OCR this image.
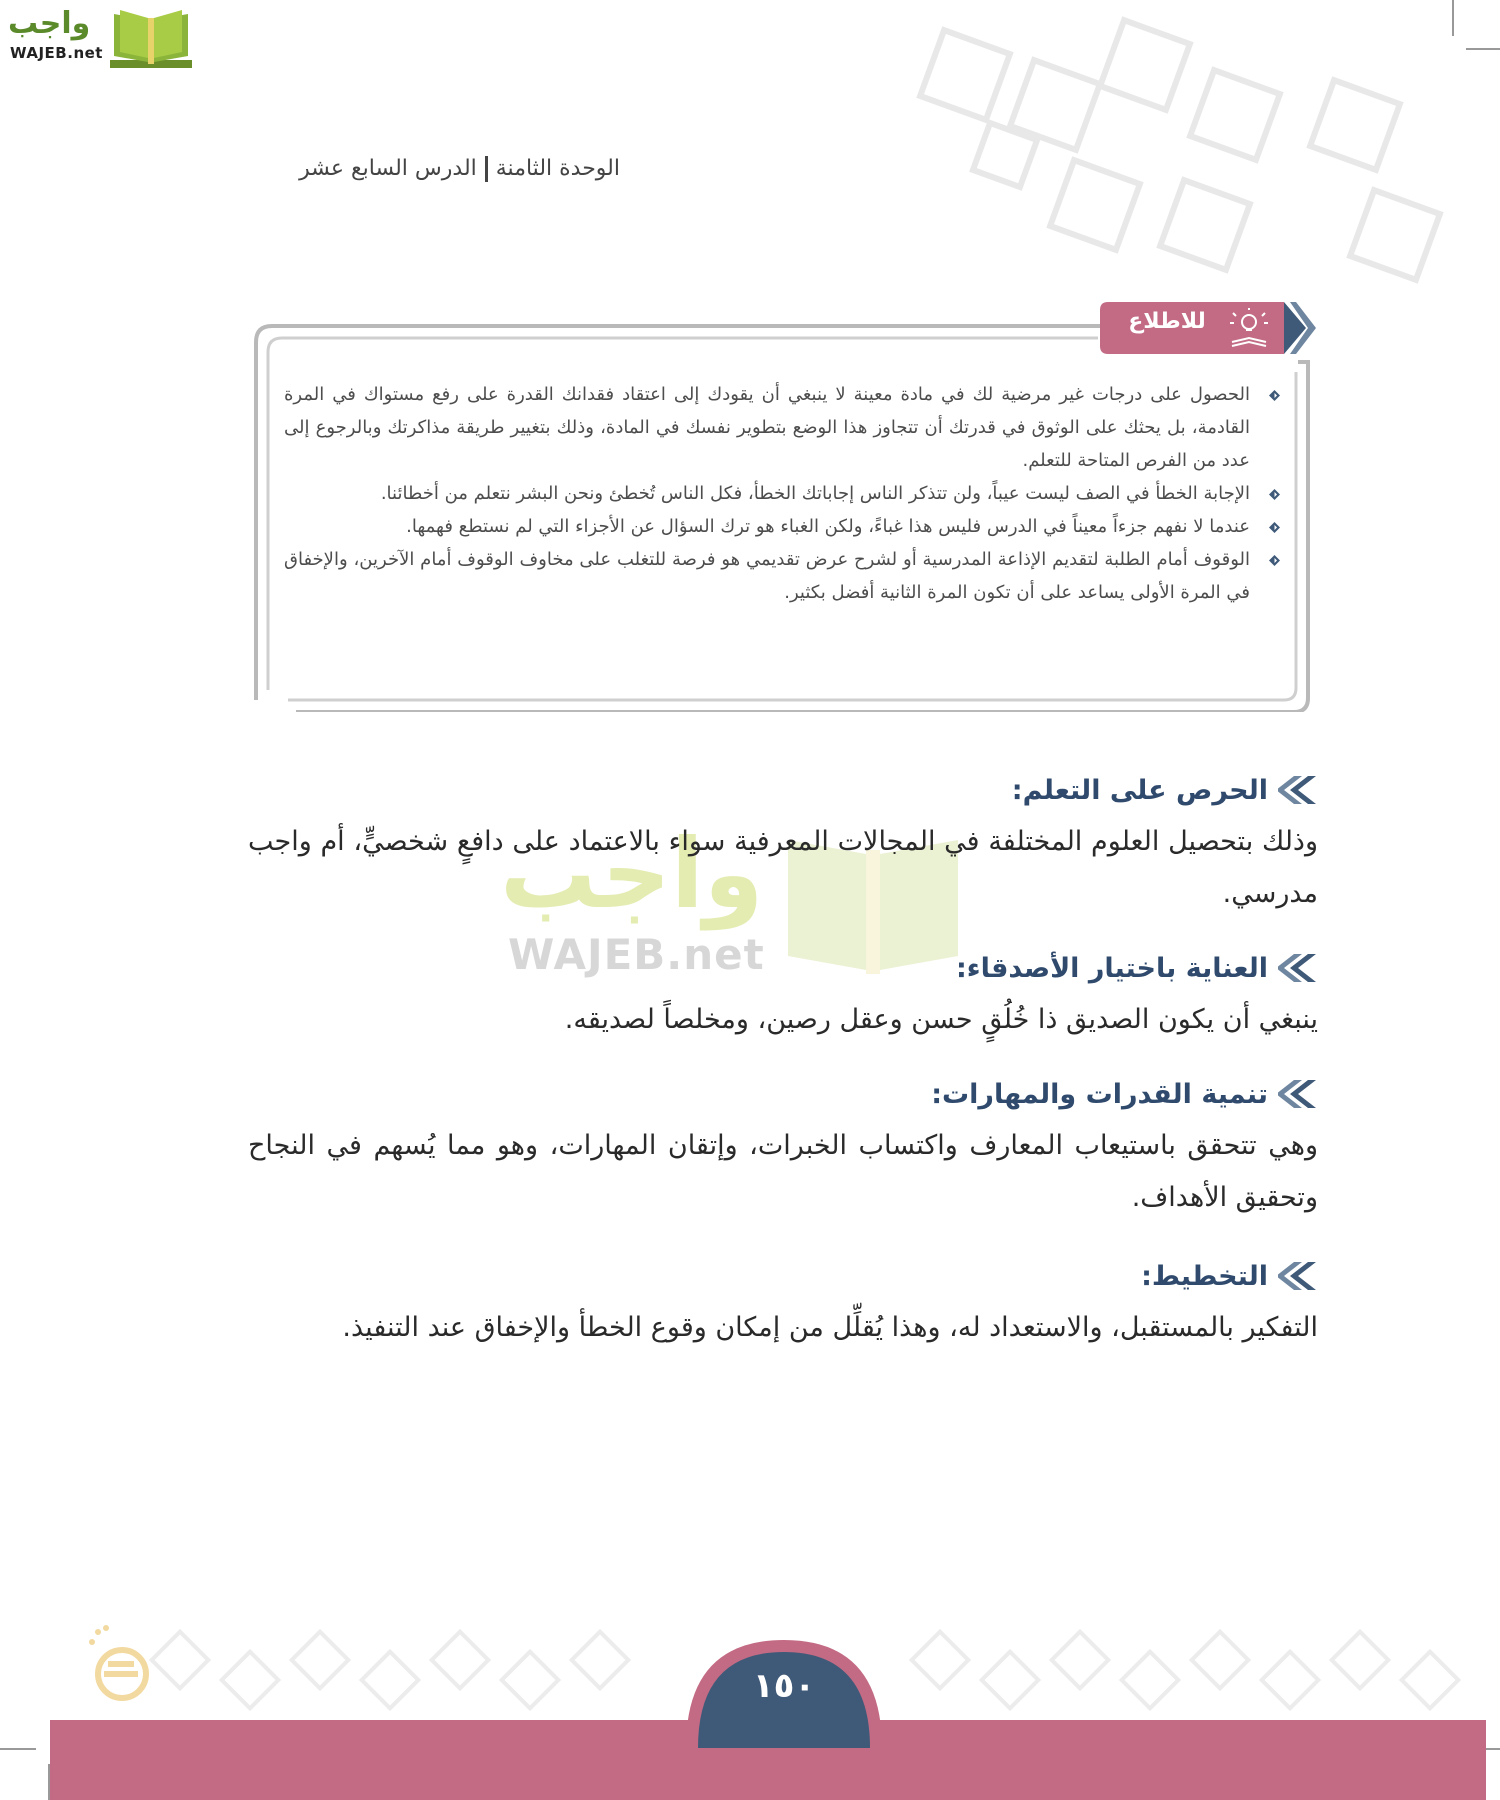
واجب
WAJEB.net
الوحدة الثامنةالدرس السابع عشر
للاطلاع
الحصول على درجات غير مرضية لك في مادة معينة لا ينبغي أن يقودك إلى اعتقاد فقدانك القدرة على رفع مستواك في المرة القادمة، بل يحثك على الوثوق في قدرتك أن تتجاوز هذا الوضع بتطوير نفسك في المادة، وذلك بتغيير طريقة مذاكرتك وبالرجوع إلى عدد من الفرص المتاحة للتعلم.
الإجابة الخطأ في الصف ليست عيباً، ولن تتذكر الناس إجاباتك الخطأ، فكل الناس تُخطئ ونحن البشر نتعلم من أخطائنا.
عندما لا نفهم جزءاً معيناً في الدرس فليس هذا غباءً، ولكن الغباء هو ترك السؤال عن الأجزاء التي لم نستطع فهمها.
الوقوف أمام الطلبة لتقديم الإذاعة المدرسية أو لشرح عرض تقديمي هو فرصة للتغلب على مخاوف الوقوف أمام الآخرين، والإخفاق في المرة الأولى يساعد على أن تكون المرة الثانية أفضل بكثير.
واجب
WAJEB.net
الحرص على التعلم:

وذلك بتحصيل العلوم المختلفة في المجالات المعرفية سواء بالاعتماد على دافعٍ شخصيٍّ، أم واجب مدرسي.

العناية باختيار الأصدقاء:

ينبغي أن يكون الصديق ذا خُلُقٍ حسن وعقل رصين، ومخلصاً لصديقه.

تنمية القدرات والمهارات:

وهي تتحقق باستيعاب المعارف واكتساب الخبرات، وإتقان المهارات، وهو مما يُسهم في النجاح وتحقيق الأهداف.

التخطيط:

التفكير بالمستقبل، والاستعداد له، وهذا يُقلِّل من إمكان وقوع الخطأ والإخفاق عند التنفيذ.

١٥٠
